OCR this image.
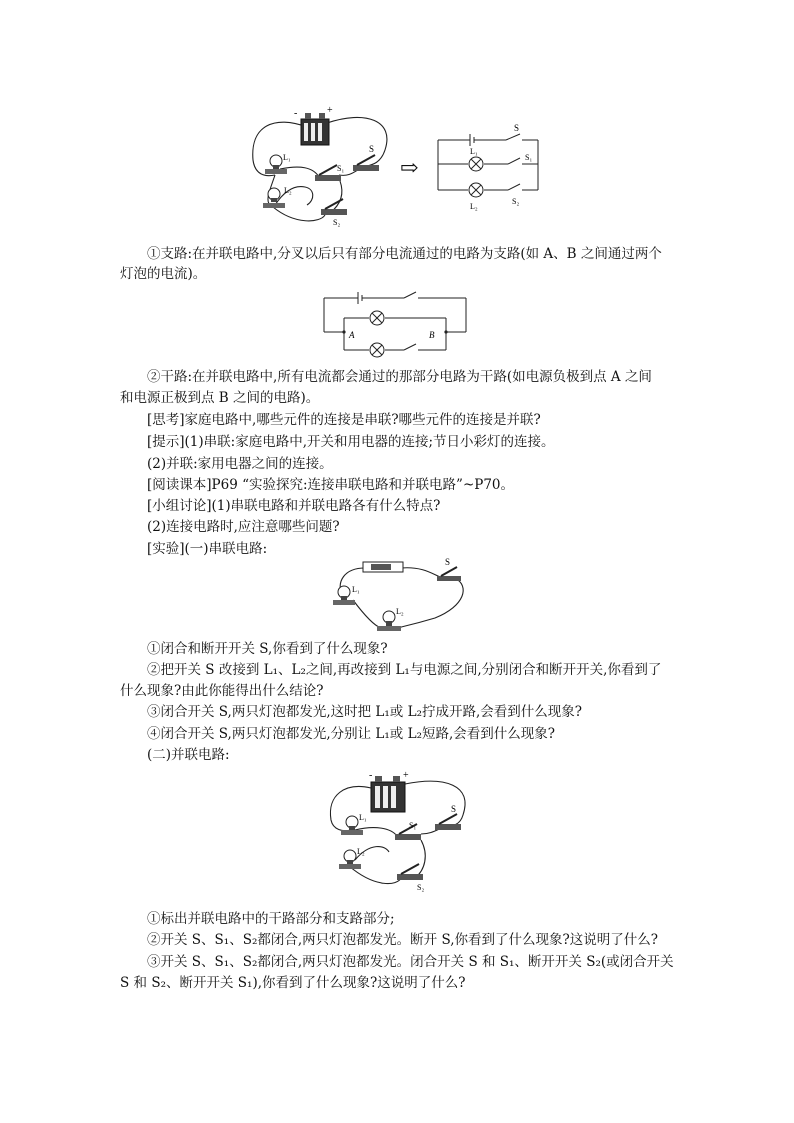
-	+
L₁
L₂
S
S₁
S₂
⇨
S
S₁
S₂
L₁
L₂
①支路:在并联电路中,分叉以后只有部分电流通过的电路为支路(如 A、B 之间通过两个
灯泡的电流)。
A	B
②干路:在并联电路中,所有电流都会通过的那部分电路为干路(如电源负极到点 A 之间
和电源正极到点 B 之间的电路)。
[思考]家庭电路中,哪些元件的连接是串联?哪些元件的连接是并联?
[提示](1)串联:家庭电路中,开关和用电器的连接;节日小彩灯的连接。
(2)并联:家用电器之间的连接。
[阅读课本]P69 “实验探究:连接串联电路和并联电路”~P70。
[小组讨论](1)串联电路和并联电路各有什么特点?
(2)连接电路时,应注意哪些问题?
[实验](一)串联电路:
S
L₁
L₂
①闭合和断开开关 S,你看到了什么现象?
②把开关 S 改接到 L₁、L₂之间,再改接到 L₁与电源之间,分别闭合和断开开关,你看到了
什么现象?由此你能得出什么结论?
③闭合开关 S,两只灯泡都发光,这时把 L₁或 L₂拧成开路,会看到什么现象?
④闭合开关 S,两只灯泡都发光,分别让 L₁或 L₂短路,会看到什么现象?
(二)并联电路:
-	+
L₁
L₂
S
S₁
S₂
①标出并联电路中的干路部分和支路部分;
②开关 S、S₁、S₂都闭合,两只灯泡都发光。断开 S,你看到了什么现象?这说明了什么?
③开关 S、S₁、S₂都闭合,两只灯泡都发光。闭合开关 S 和 S₁、断开开关 S₂(或闭合开关
S 和 S₂、断开开关 S₁),你看到了什么现象?这说明了什么?
